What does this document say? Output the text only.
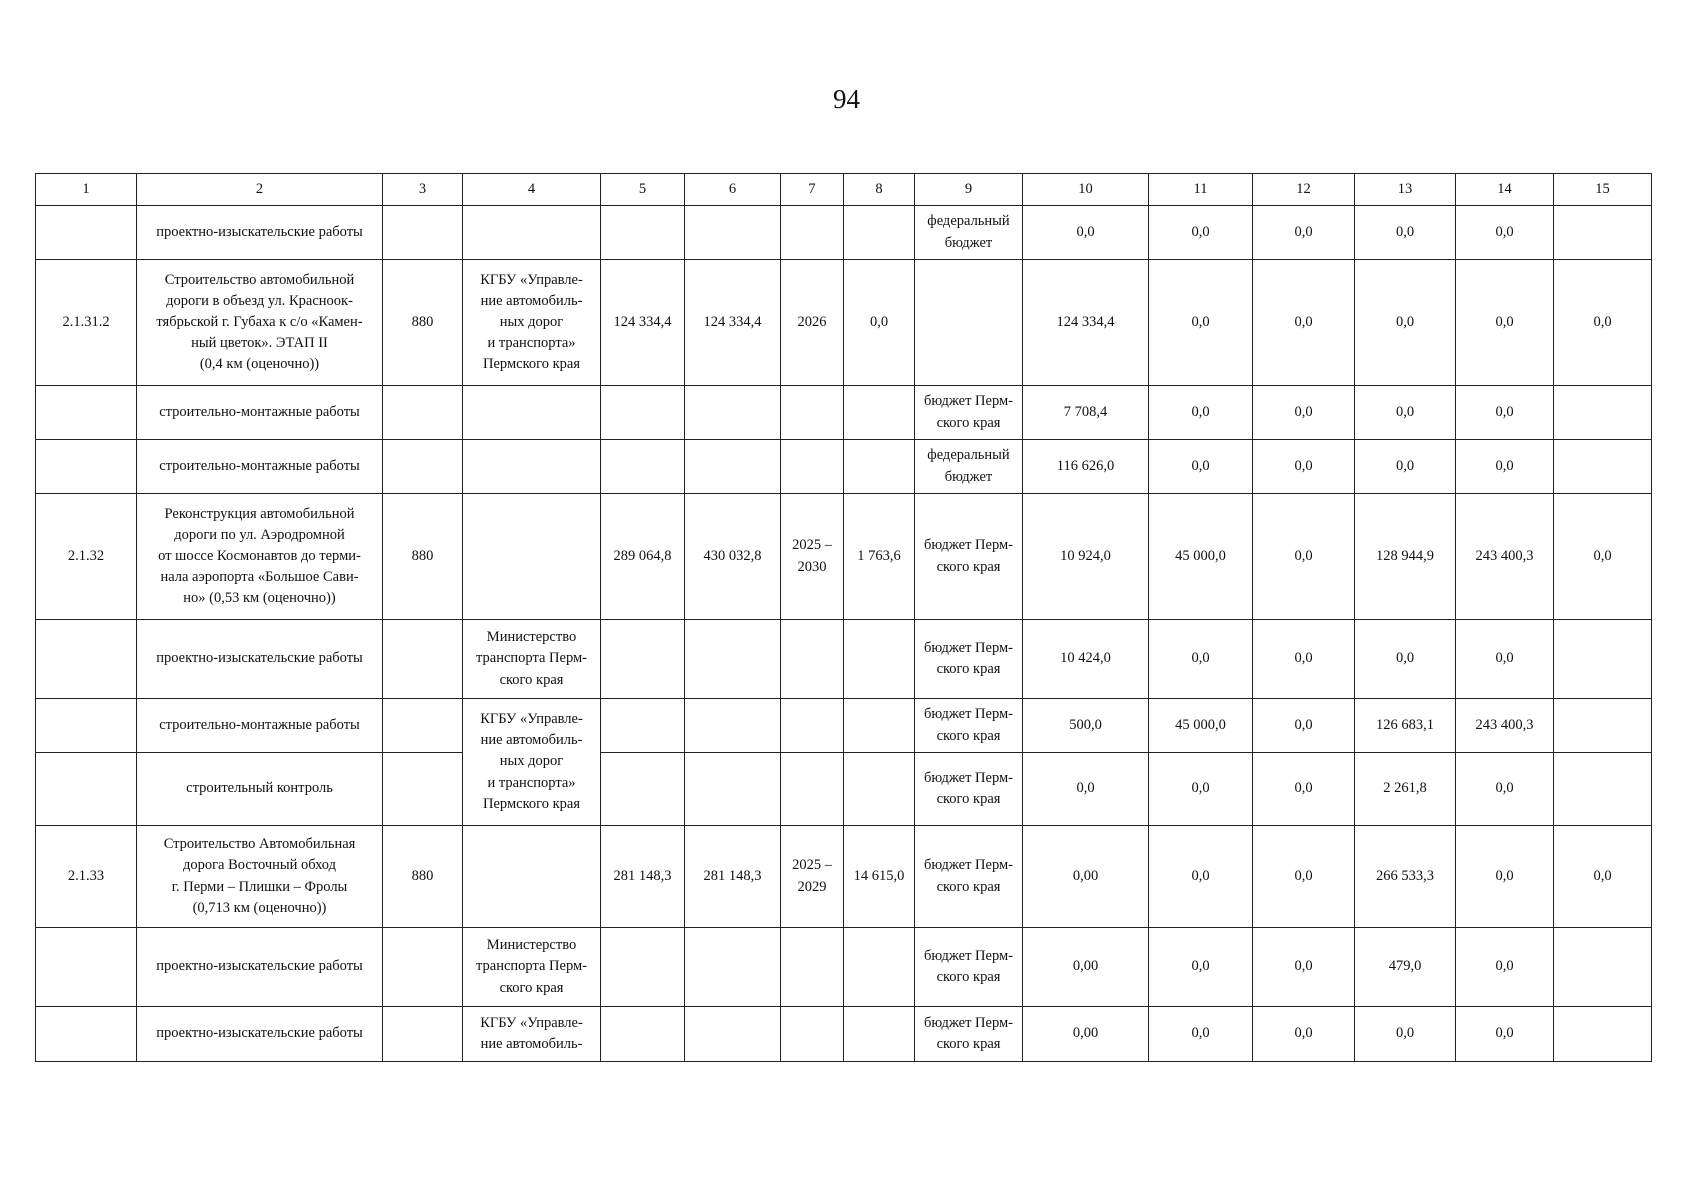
94
1	2	3	4	5	6	7	8	9	10	11	12	13	14	15
	проектно-изыскательские работы							федеральный бюджет	0,0	0,0	0,0	0,0	0,0	
2.1.31.2	Строительство автомобильной
дороги в объезд ул. Красноок-
тябрьской г. Губаха к с/о «Камен-
ный цветок». ЭТАП II
(0,4 км (оценочно))	880	КГБУ «Управле-
ние автомобиль-
ных дорог
и транспорта»
Пермского края	124 334,4	124 334,4	2026	0,0		124 334,4	0,0	0,0	0,0	0,0	0,0
	строительно-монтажные работы							бюджет Перм-
ского края	7 708,4	0,0	0,0	0,0	0,0	
	строительно-монтажные работы							федеральный бюджет	116 626,0	0,0	0,0	0,0	0,0	
2.1.32	Реконструкция автомобильной
дороги по ул. Аэродромной
от шоссе Космонавтов до терми-
нала аэропорта «Большое Сави-
но» (0,53 км (оценочно))	880		289 064,8	430 032,8	2025 –
2030	1 763,6	бюджет Перм-
ского края	10 924,0	45 000,0	0,0	128 944,9	243 400,3	0,0
	проектно-изыскательские работы		Министерство
транспорта Перм-
ского края					бюджет Перм-
ского края	10 424,0	0,0	0,0	0,0	0,0	
	строительно-монтажные работы		КГБУ «Управле-
ние автомобиль-
ных дорог
и транспорта»
Пермского края					бюджет Перм-
ского края	500,0	45 000,0	0,0	126 683,1	243 400,3	
	строительный контроль							бюджет Перм-
ского края	0,0	0,0	0,0	2 261,8	0,0	
2.1.33	Строительство Автомобильная
дорога Восточный обход
г. Перми – Плишки – Фролы
(0,713 км (оценочно))	880		281 148,3	281 148,3	2025 –
2029	14 615,0	бюджет Перм-
ского края	0,00	0,0	0,0	266 533,3	0,0	0,0
	проектно-изыскательские работы		Министерство
транспорта Перм-
ского края					бюджет Перм-
ского края	0,00	0,0	0,0	479,0	0,0	
	проектно-изыскательские работы		КГБУ «Управле-
ние автомобиль-					бюджет Перм-
ского края	0,00	0,0	0,0	0,0	0,0	
